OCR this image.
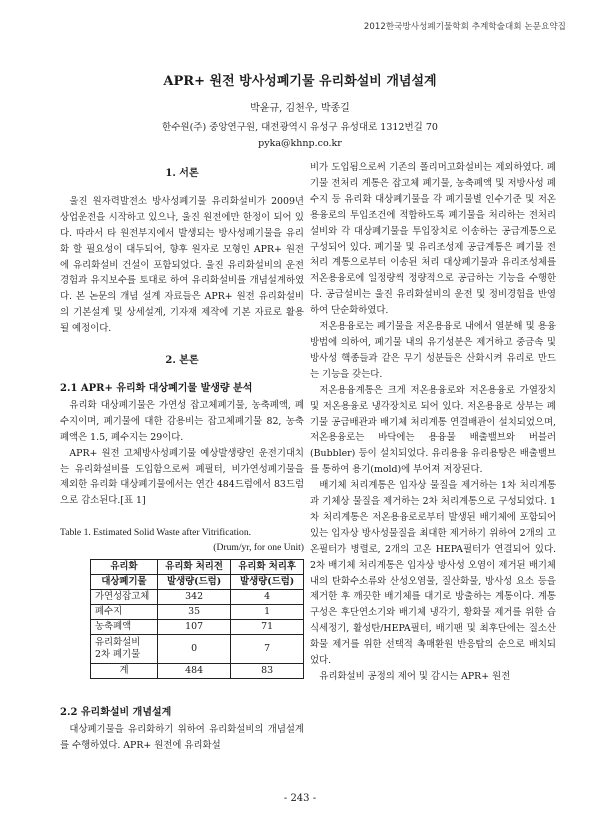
2012한국방사성폐기물학회 추계학술대회 논문요약집
APR+ 원전 방사성폐기물 유리화설비 개념설계
박윤규, 김천우, 박종길
한수원(주) 중앙연구원, 대전광역시 유성구 유성대로 1312번길 70
pyka@khnp.co.kr
1. 서론

울진 원자력발전소 방사성폐기물 유리화설비가 2009년 상업운전을 시작하고 있으나, 울진 원전에만 한정이 되어 있다. 따라서 타 원전부지에서 발생되는 방사성폐기물을 유리화 할 필요성이 대두되어, 향후 원자로 모형인 APR+ 원전에 유리화설비 건설이 포함되었다. 울진 유리화설비의 운전경험과 유지보수를 토대로 하여 유리화설비를 개념설계하였다. 본 논문의 개념 설계 자료들은 APR+ 원전 유리화설비의 기본설계 및 상세설계, 기자재 제작에 기본 자료로 활용될 예정이다.

2. 본론
2.1 APR+ 유리화 대상폐기물 발생량 분석

유리화 대상폐기물은 가연성 잡고체폐기물, 농축폐액, 폐수지이며, 폐기물에 대한 감용비는 잡고체폐기물 82, 농축폐액은 1.5, 폐수지는 29이다.

APR+ 원전 고체방사성폐기물 예상발생량인 운전기대치는 유리화설비를 도입함으로써 폐필터, 비가연성폐기물을 제외한 유리화 대상폐기물에서는 연간 484드럼에서 83드럼으로 감소된다.[표 1]

Table 1. Estimated Solid Waste after Vitrification.
(Drum/yr, for one Unit)
유리화	유리화 처리전	유리화 처리후
대상폐기물	발생량(드럼)	발생량(드럼)
가연성잡고체	342	4
폐수지	35	1
농축폐액	107	71

유리화설비
2차 폐기물	0	7
계	484	83
2.2 유리화설비 개념설계

대상폐기물을 유리화하기 위하여 유리화설비의 개념설계를 수행하였다. APR+ 원전에 유리화설

비가 도입됨으로써 기존의 폴리머고화설비는 제외하였다. 폐기물 전처리 계통은 잡고체 폐기물, 농축폐액 및 저방사성 폐수지 등 유리화 대상폐기물을 각 폐기물별 인수기준 및 저온용융로의 투입조건에 적합하도록 폐기물을 처리하는 전처리 설비와 각 대상폐기물을 투입장치로 이송하는 공급계통으로 구성되어 있다. 폐기물 및 유리조성제 공급계통은 폐기물 전처리 계통으로부터 이송된 처리 대상폐기물과 유리조성체를 저온용융로에 일정량씩 정량적으로 공급하는 기능을 수행한다. 공급설비는 울진 유리화설비의 운전 및 정비경험을 반영하여 단순화하였다.

저온용융로는 폐기물을 저온용융로 내에서 열분해 및 용융방법에 의하여, 폐기물 내의 유기성분은 제거하고 중금속 및 방사성 핵종들과 같은 무기 성분들은 산화시켜 유리로 만드는 기능을 갖는다.

저온용융계통은 크게 저온용융로와 저온용융로 가열장치 및 저온용융로 냉각장치로 되어 있다. 저온용융로 상부는 폐기물 공급배관과 배기체 처리계통 연결배관이 설치되었으며, 저온용융로는 바닥에는 용융물 배출밸브와 버블러(Bubbler) 등이 설치되었다. 유리용융 유리용탕은 배출밸브를 통하여 용기(mold)에 부어져 저장된다.

배기체 처리계통은 입자상 물질을 제거하는 1차 처리계통과 기체상 물질을 제거하는 2차 처리계통으로 구성되었다. 1차 처리계통은 저온용융로로부터 발생된 배기체에 포함되어 있는 입자상 방사성물질을 최대한 제거하기 위하여 2개의 고온필터가 병렬로, 2개의 고온 HEPA필터가 연결되어 있다. 2차 배기체 처리계통은 입자상 방사성 오염이 제거된 배기체내의 탄화수소류와 산성오염물, 질산화물, 방사성 요소 등을 제거한 후 깨끗한 배기체를 대기로 방출하는 계통이다. 계통구성은 후단연소기와 배기체 냉각기, 황화물 제거를 위한 습식세정기, 활성탄/HEPA필터, 배기팬 및 최후단에는 질소산화물 제거를 위한 선택적 촉매환원 반응탑의 순으로 배치되었다.

유리화설비 공정의 제어 및 감시는 APR+ 원전

- 243 -
